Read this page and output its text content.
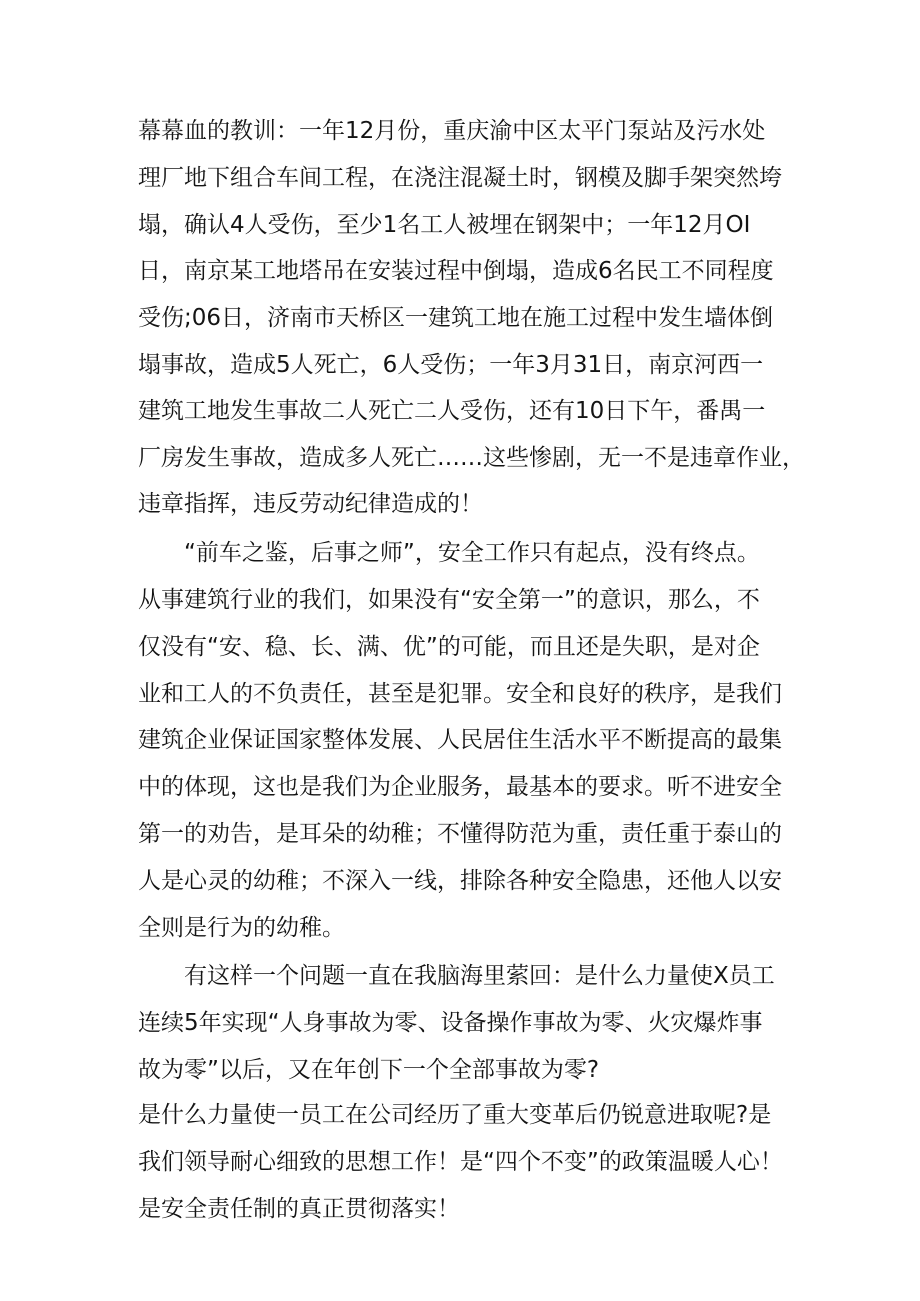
幕幕血的教训：一年12月份，重庆渝中区太平门泵站及污水处
理厂地下组合车间工程，在浇注混凝土时，钢模及脚手架突然垮
塌，确认4人受伤，至少1名工人被埋在钢架中；一年12月OI
日，南京某工地塔吊在安装过程中倒塌，造成6名民工不同程度
受伤;06日，济南市天桥区一建筑工地在施工过程中发生墙体倒
塌事故，造成5人死亡，6人受伤；一年3月31日，南京河西一
建筑工地发生事故二人死亡二人受伤，还有10日下午，番禺一
厂房发生事故，造成多人死亡……这些惨剧，无一不是违章作业，
违章指挥，违反劳动纪律造成的！
“前车之鉴，后事之师”，安全工作只有起点，没有终点。
从事建筑行业的我们，如果没有“安全第一”的意识，那么，不
仅没有“安、稳、长、满、优”的可能，而且还是失职，是对企
业和工人的不负责任，甚至是犯罪。安全和良好的秩序，是我们
建筑企业保证国家整体发展、人民居住生活水平不断提高的最集
中的体现，这也是我们为企业服务，最基本的要求。听不进安全
第一的劝告，是耳朵的幼稚；不懂得防范为重，责任重于泰山的
人是心灵的幼稚；不深入一线，排除各种安全隐患，还他人以安
全则是行为的幼稚。
有这样一个问题一直在我脑海里萦回：是什么力量使X员工
连续5年实现“人身事故为零、设备操作事故为零、火灾爆炸事
故为零”以后，又在年创下一个全部事故为零?
是什么力量使一员工在公司经历了重大变革后仍锐意进取呢?是
我们领导耐心细致的思想工作！是“四个不变”的政策温暖人心！
是安全责任制的真正贯彻落实！
